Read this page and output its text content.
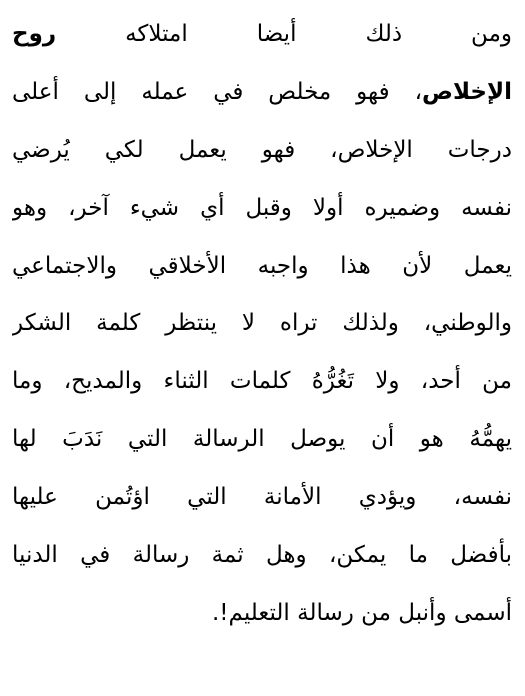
ومن ذلك أيضا امتلاكه روح
الإخلاص، فهو مخلص في عمله إلى أعلى
درجات الإخلاص، فهو يعمل لكي يُرضي
نفسه وضميره أولا وقبل أي شيء آخر، وهو
يعمل لأن هذا واجبه الأخلاقي والاجتماعي
والوطني، ولذلك تراه لا ينتظر كلمة الشكر
من أحد، ولا تَغُرُّهُ كلمات الثناء والمديح، وما
يهمُّهُ هو أن يوصل الرسالة التي نَدَبَ لها
نفسه، ويؤدي الأمانة التي اؤتُمن عليها
بأفضل ما يمكن، وهل ثمة رسالة في الدنيا
أسمى وأنبل من رسالة التعليم!.
